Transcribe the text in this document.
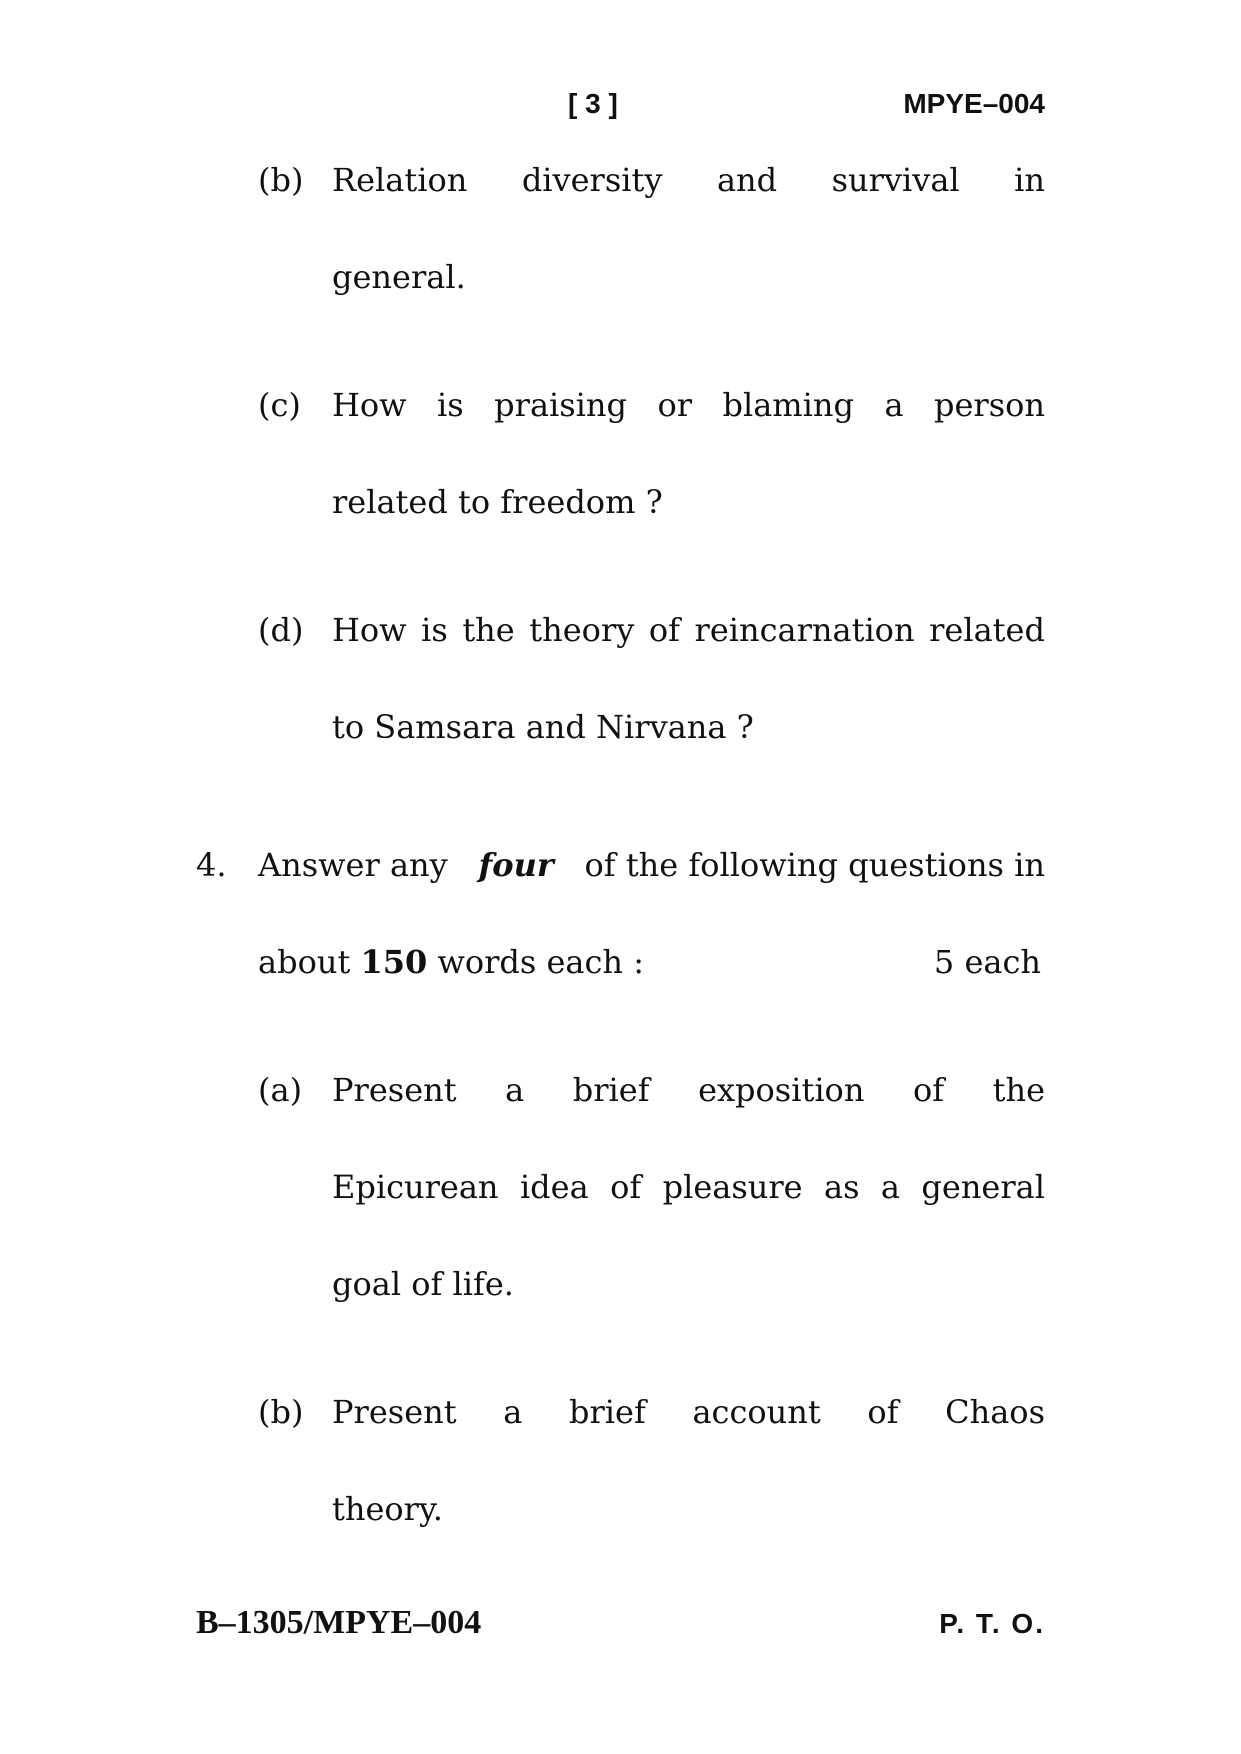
[ 3 ]	MPYE–004
(b) Relation diversity and survival in
general.
(c) How is praising or blaming a person
related to freedom ?
(d) How is the theory of reincarnation related
to Samsara and Nirvana ?
4. Answer any four of the following questions in
about 150 words each :	5 each
(a) Present a brief exposition of the
Epicurean idea of pleasure as a general
goal of life.
(b) Present a brief account of Chaos
theory.
B–1305/MPYE–004	P. T. O.
